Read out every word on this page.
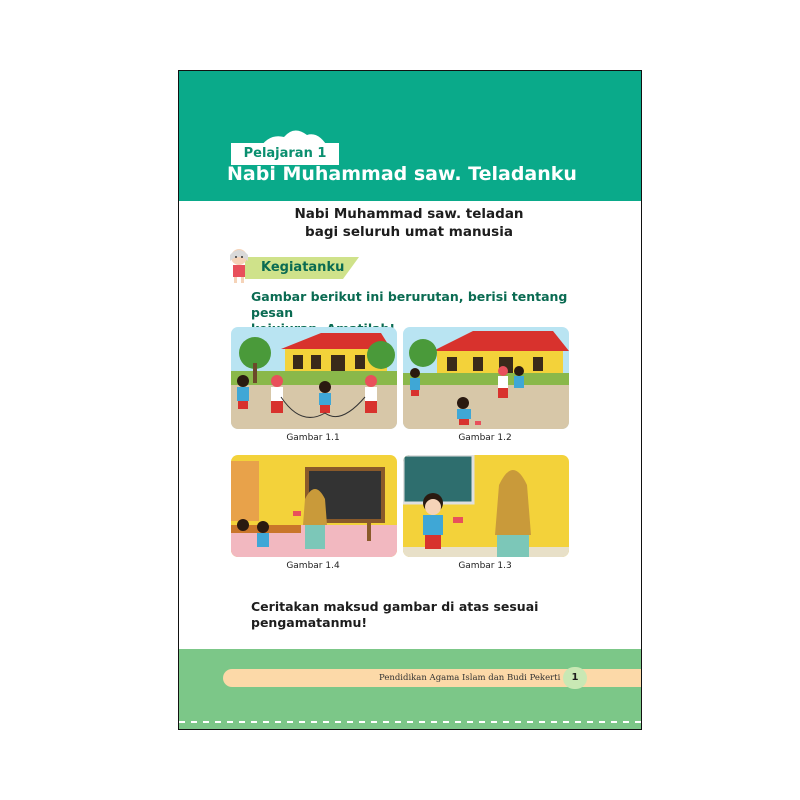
Pelajaran 1
Nabi Muhammad saw. Teladanku
Nabi Muhammad saw. teladan
bagi seluruh umat manusia
Kegiatanku
Gambar berikut ini berurutan, berisi tentang pesan
Gambar 1.1	Gambar 1.2
Gambar 1.4	Gambar 1.3
Ceritakan maksud gambar di atas sesuai
pengamatanmu!
Pendidikan Agama Islam dan Budi Pekerti	1
